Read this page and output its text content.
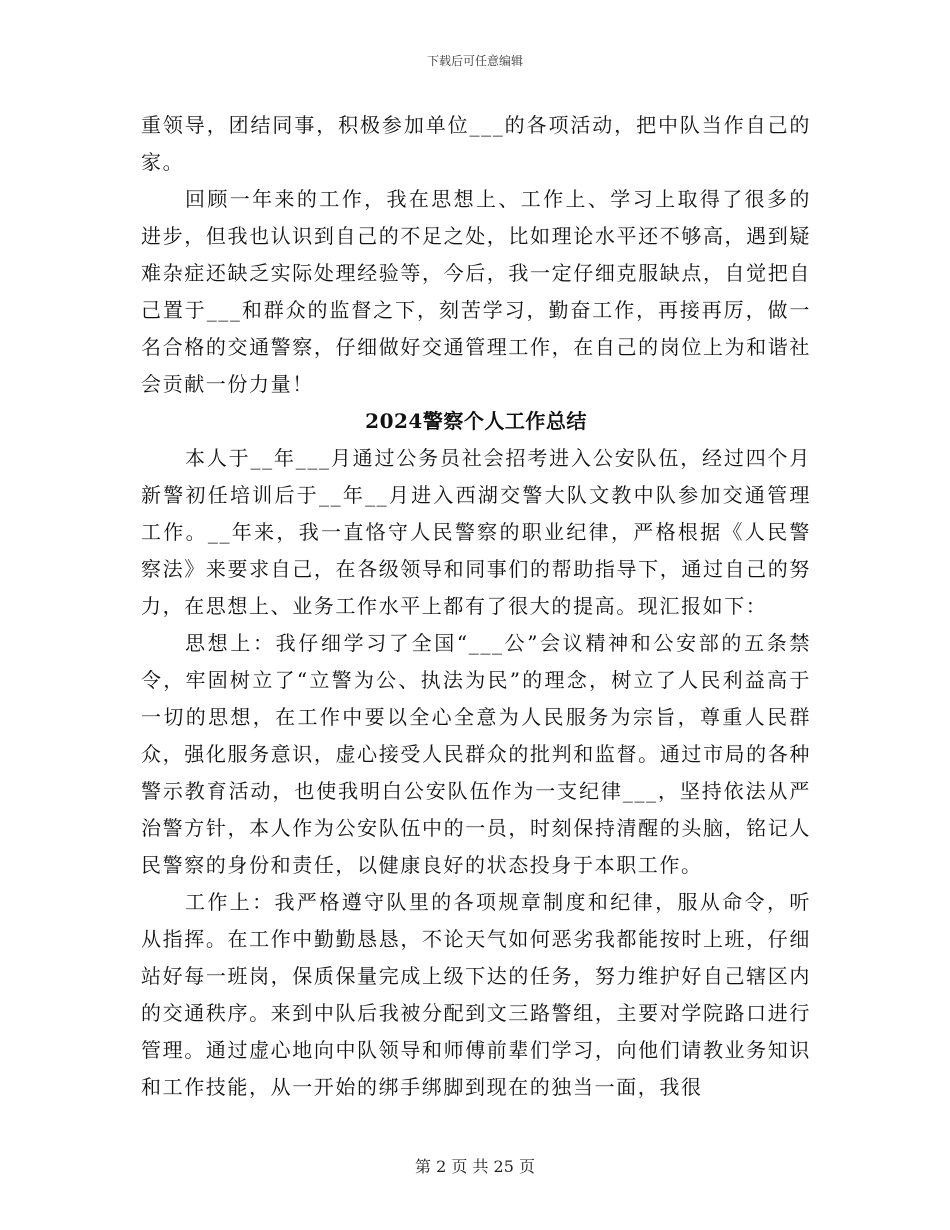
下载后可任意编辑

重领导，团结同事，积极参加单位___的各项活动，把中队当作自己的家。

回顾一年来的工作，我在思想上、工作上、学习上取得了很多的进步，但我也认识到自己的不足之处，比如理论水平还不够高，遇到疑难杂症还缺乏实际处理经验等，今后，我一定仔细克服缺点，自觉把自己置于___和群众的监督之下，刻苦学习，勤奋工作，再接再厉，做一名合格的交通警察，仔细做好交通管理工作，在自己的岗位上为和谐社会贡献一份力量！

2024警察个人工作总结

本人于__年___月通过公务员社会招考进入公安队伍，经过四个月新警初任培训后于__年__月进入西湖交警大队文教中队参加交通管理工作。__年来，我一直恪守人民警察的职业纪律，严格根据《人民警察法》来要求自己，在各级领导和同事们的帮助指导下，通过自己的努力，在思想上、业务工作水平上都有了很大的提高。现汇报如下：

思想上：我仔细学习了全国“___公”会议精神和公安部的五条禁令，牢固树立了“立警为公、执法为民”的理念，树立了人民利益高于一切的思想，在工作中要以全心全意为人民服务为宗旨，尊重人民群众，强化服务意识，虚心接受人民群众的批判和监督。通过市局的各种警示教育活动，也使我明白公安队伍作为一支纪律___，坚持依法从严治警方针，本人作为公安队伍中的一员，时刻保持清醒的头脑，铭记人民警察的身份和责任，以健康良好的状态投身于本职工作。

工作上：我严格遵守队里的各项规章制度和纪律，服从命令，听从指挥。在工作中勤勤恳恳，不论天气如何恶劣我都能按时上班，仔细站好每一班岗，保质保量完成上级下达的任务，努力维护好自己辖区内的交通秩序。来到中队后我被分配到文三路警组，主要对学院路口进行管理。通过虚心地向中队领导和师傅前辈们学习，向他们请教业务知识和工作技能，从一开始的绑手绑脚到现在的独当一面，我很

第 2 页 共 25 页
